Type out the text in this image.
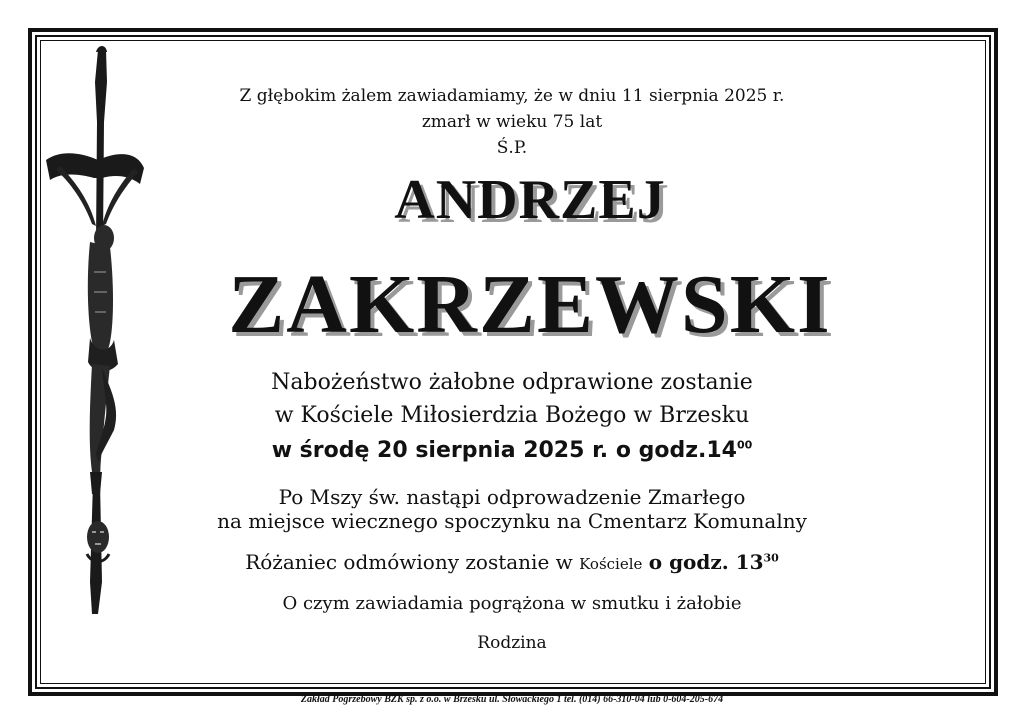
Z głębokim żalem zawiadamiamy, że w dniu 11 sierpnia 2025 r.
zmarł w wieku 75 lat
Ś.P.
ANDRZEJ
ZAKRZEWSKI
Nabożeństwo żałobne odprawione zostanie
w Kościele Miłosierdzia Bożego w Brzesku
w środę 20 sierpnia 2025 r. o $godz.14^{00}$
Po Mszy św. nastąpi odprowadzenie Zmarłego
na miejsce wiecznego spoczynku na Cmentarz Komunalny
Różaniec odmówiony zostanie w Kościele o godz. $13^{30}$
O czym zawiadamia pogrążona w smutku i żałobie
Rodzina
Zakład Pogrzebowy BZK sp. z o.o. w Brzesku ul. Słowackiego 1 tel. (014) 66-310-04 lub 0-604-205-674
